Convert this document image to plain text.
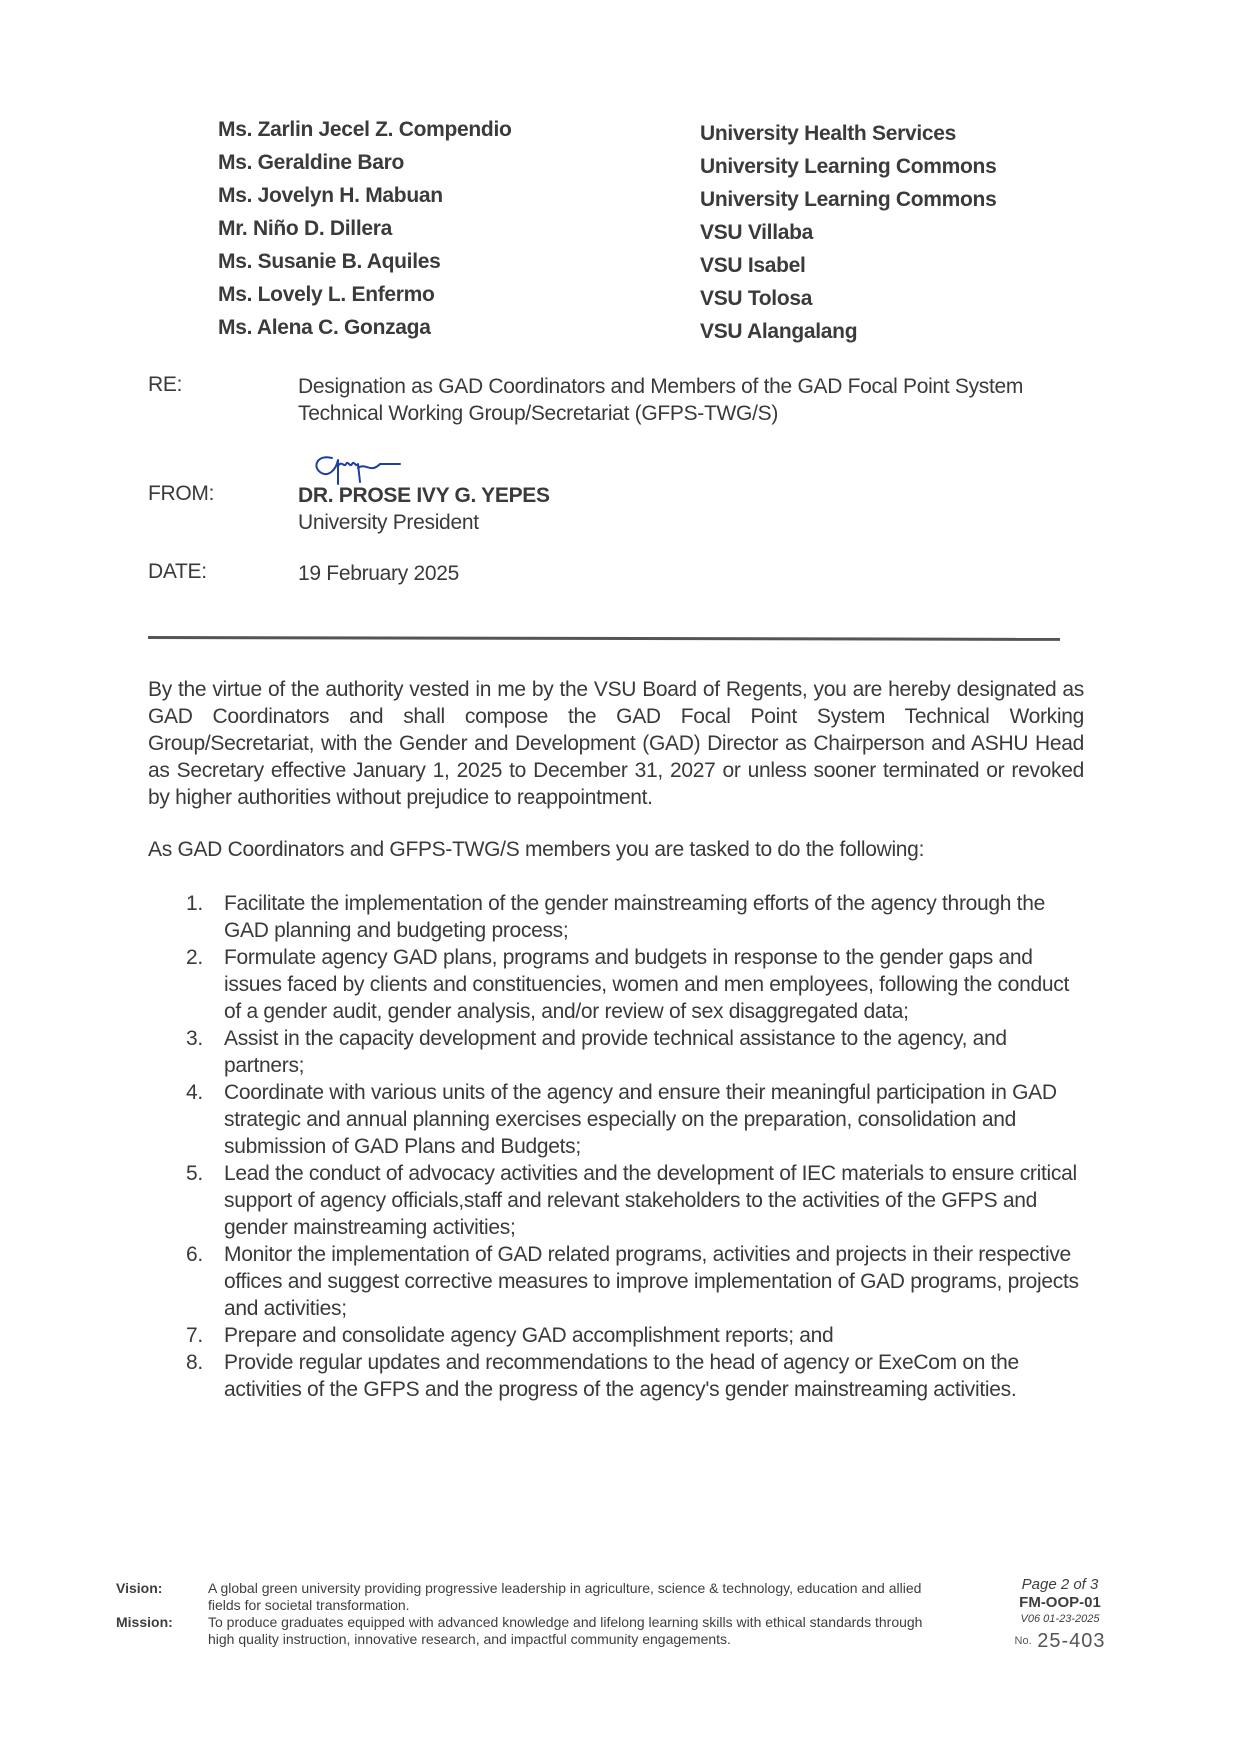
Ms. Zarlin Jecel Z. Compendio	University Health Services
Ms. Geraldine Baro	University Learning Commons
Ms. Jovelyn H. Mabuan	University Learning Commons
Mr. Niño D. Dillera	VSU Villaba
Ms. Susanie B. Aquiles	VSU Isabel
Ms. Lovely L. Enfermo	VSU Tolosa
Ms. Alena C. Gonzaga	VSU Alangalang
RE:	Designation as GAD Coordinators and Members of the GAD Focal Point System Technical Working Group/Secretariat (GFPS-TWG/S)
FROM:	DR. PROSE IVY G. YEPES
University President
DATE:	19 February 2025
By the virtue of the authority vested in me by the VSU Board of Regents, you are hereby designated as GAD Coordinators and shall compose the GAD Focal Point System Technical Working Group/Secretariat, with the Gender and Development (GAD) Director as Chairperson and ASHU Head as Secretary effective January 1, 2025 to December 31, 2027 or unless sooner terminated or revoked by higher authorities without prejudice to reappointment.
As GAD Coordinators and GFPS-TWG/S members you are tasked to do the following:
1. Facilitate the implementation of the gender mainstreaming efforts of the agency through the GAD planning and budgeting process;
2. Formulate agency GAD plans, programs and budgets in response to the gender gaps and issues faced by clients and constituencies, women and men employees, following the conduct of a gender audit, gender analysis, and/or review of sex disaggregated data;
3. Assist in the capacity development and provide technical assistance to the agency, and partners;
4. Coordinate with various units of the agency and ensure their meaningful participation in GAD strategic and annual planning exercises especially on the preparation, consolidation and submission of GAD Plans and Budgets;
5. Lead the conduct of advocacy activities and the development of IEC materials to ensure critical support of agency officials,staff and relevant stakeholders to the activities of the GFPS and gender mainstreaming activities;
6. Monitor the implementation of GAD related programs, activities and projects in their respective offices and suggest corrective measures to improve implementation of GAD programs, projects and activities;
7. Prepare and consolidate agency GAD accomplishment reports; and
8. Provide regular updates and recommendations to the head of agency or ExeCom on the activities of the GFPS and the progress of the agency's gender mainstreaming activities.
Vision:	A global green university providing progressive leadership in agriculture, science & technology, education and allied fields for societal transformation.
Mission:	To produce graduates equipped with advanced knowledge and lifelong learning skills with ethical standards through high quality instruction, innovative research, and impactful community engagements.
Page 2 of 3
FM-OOP-01
V06 01-23-2025
$^{No.}$ 25-403
